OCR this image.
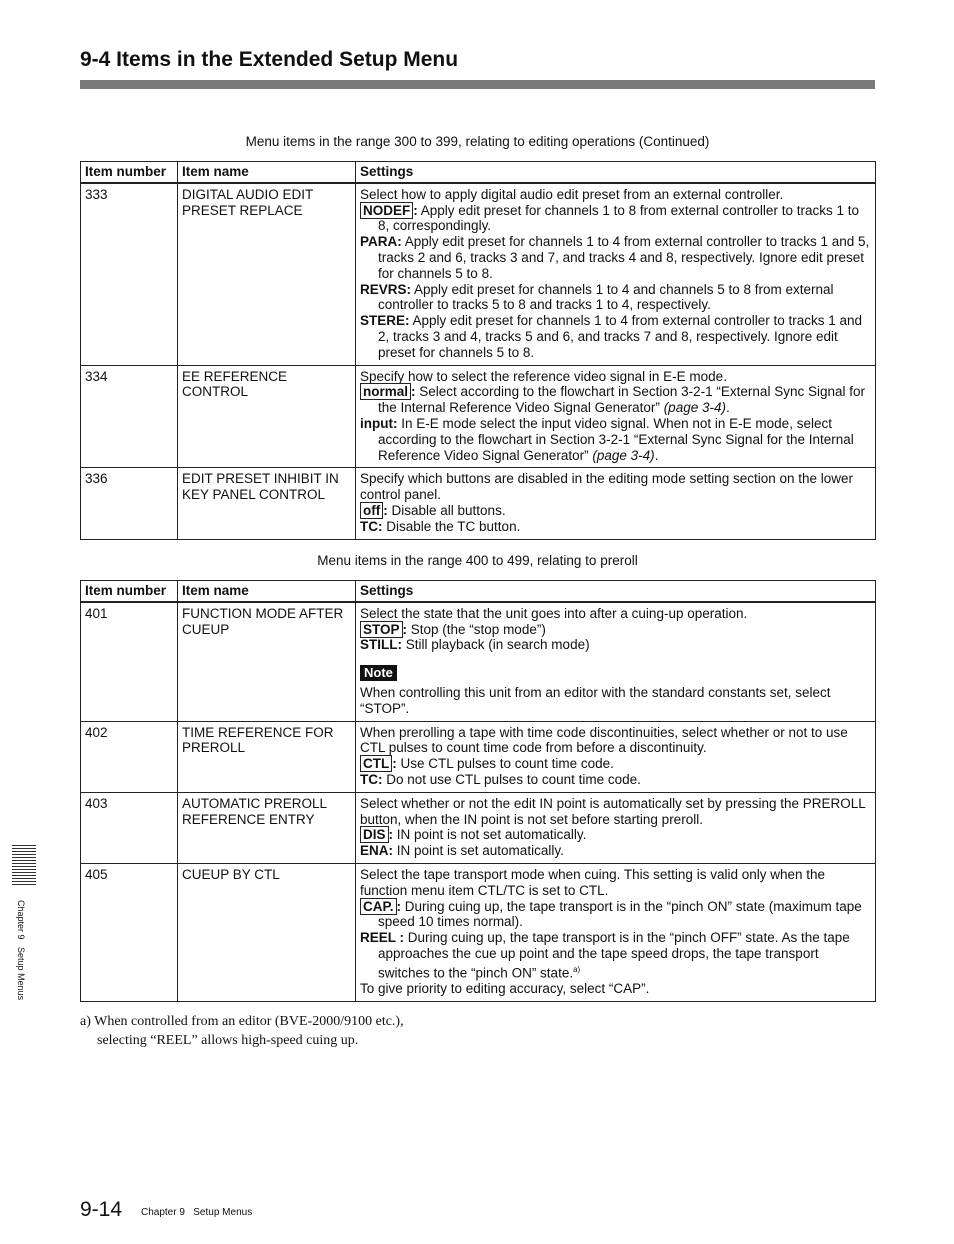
9-4 Items in the Extended Setup Menu
Menu items in the range 300 to 399, relating to editing operations (Continued)
Item number	Item name	Settings
333	DIGITAL AUDIO EDIT PRESET REPLACE	Select how to apply digital audio edit preset from an external controller.
NODEF : Apply edit preset for channels 1 to 8 from external controller to tracks 1 to 8, correspondingly.
PARA: Apply edit preset for channels 1 to 4 from external controller to tracks 1 and 5, tracks 2 and 6, tracks 3 and 7, and tracks 4 and 8, respectively. Ignore edit preset for channels 5 to 8.
REVRS: Apply edit preset for channels 1 to 4 and channels 5 to 8 from external controller to tracks 5 to 8 and tracks 1 to 4, respectively.
STERE: Apply edit preset for channels 1 to 4 from external controller to tracks 1 and 2, tracks 3 and 4, tracks 5 and 6, and tracks 7 and 8, respectively. Ignore edit preset for channels 5 to 8.

334	EE REFERENCE CONTROL	Specify how to select the reference video signal in E-E mode.
normal : Select according to the flowchart in Section 3-2-1 “External Sync Signal for the Internal Reference Video Signal Generator” (page 3-4).
input: In E-E mode select the input video signal. When not in E-E mode, select according to the flowchart in Section 3-2-1 “External Sync Signal for the Internal Reference Video Signal Generator” (page 3-4).

336	EDIT PRESET INHIBIT IN KEY PANEL CONTROL	Specify which buttons are disabled in the editing mode setting section on the lower control panel.
off : Disable all buttons.
TC: Disable the TC button.
Menu items in the range 400 to 499, relating to preroll
Item number	Item name	Settings
401	FUNCTION MODE AFTER CUEUP	Select the state that the unit goes into after a cuing-up operation.
STOP : Stop (the “stop mode”)
STILL: Still playback (in search mode)
Note
When controlling this unit from an editor with the standard constants set, select “STOP”.

402	TIME REFERENCE FOR PREROLL	When prerolling a tape with time code discontinuities, select whether or not to use CTL pulses to count time code from before a discontinuity.
CTL : Use CTL pulses to count time code.
TC: Do not use CTL pulses to count time code.

403	AUTOMATIC PREROLL REFERENCE ENTRY	Select whether or not the edit IN point is automatically set by pressing the PREROLL button, when the IN point is not set before starting preroll.
DIS : IN point is not set automatically.
ENA: IN point is set automatically.

405	CUEUP BY CTL	Select the tape transport mode when cuing. This setting is valid only when the function menu item CTL/TC is set to CTL.
CAP. : During cuing up, the tape transport is in the “pinch ON” state (maximum tape speed 10 times normal).
REEL : During cuing up, the tape transport is in the “pinch OFF” state. As the tape approaches the cue up point and the tape speed drops, the tape transport switches to the “pinch ON” state.$^{a)}$
To give priority to editing accuracy, select “CAP”.
a) When controlled from an editor (BVE-2000/9100 etc.),
selecting “REEL” allows high-speed cuing up.
Chapter 9   Setup Menus
9-14 Chapter 9 Setup Menus
